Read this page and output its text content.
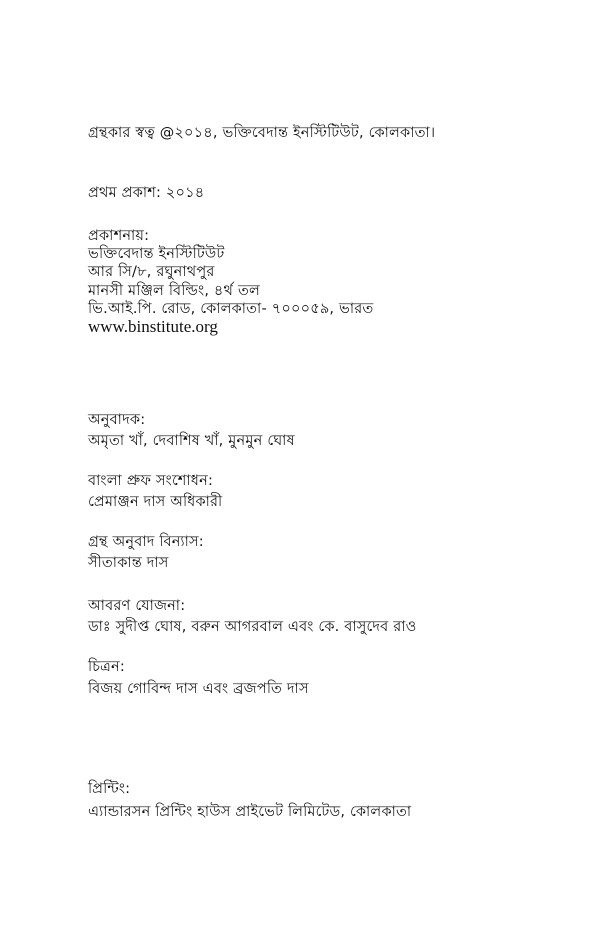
গ্রন্থকার স্বত্ব @২০১৪, ভক্তিবেদান্ত ইনস্টিটিউট, কোলকাতা।
প্রথম প্রকাশ: ২০১৪
প্রকাশনায়:
ভক্তিবেদান্ত ইনস্টিটিউট
আর সি/৮, রঘুনাথপুর
মানসী মঞ্জিল বিল্ডিং, ৪র্থ তল
ভি.আই.পি. রোড, কোলকাতা- ৭০০০৫৯, ভারত
www.binstitute.org
অনুবাদক:
অমৃতা খাঁ, দেবাশিষ খাঁ, মুনমুন ঘোষ
বাংলা প্রুফ সংশোধন:
প্রেমাঞ্জন দাস অধিকারী
গ্রন্থ অনুবাদ বিন্যাস:
সীতাকান্ত দাস
আবরণ যোজনা:
ডাঃ সুদীপ্ত ঘোষ, বরুন আগরবাল এবং কে. বাসুদেব রাও
চিত্রন:
বিজয় গোবিন্দ দাস এবং ব্রজপতি দাস
প্রিন্টিং:
এ্যান্ডারসন প্রিন্টিং হাউস প্রাইভেট লিমিটেড, কোলকাতা
